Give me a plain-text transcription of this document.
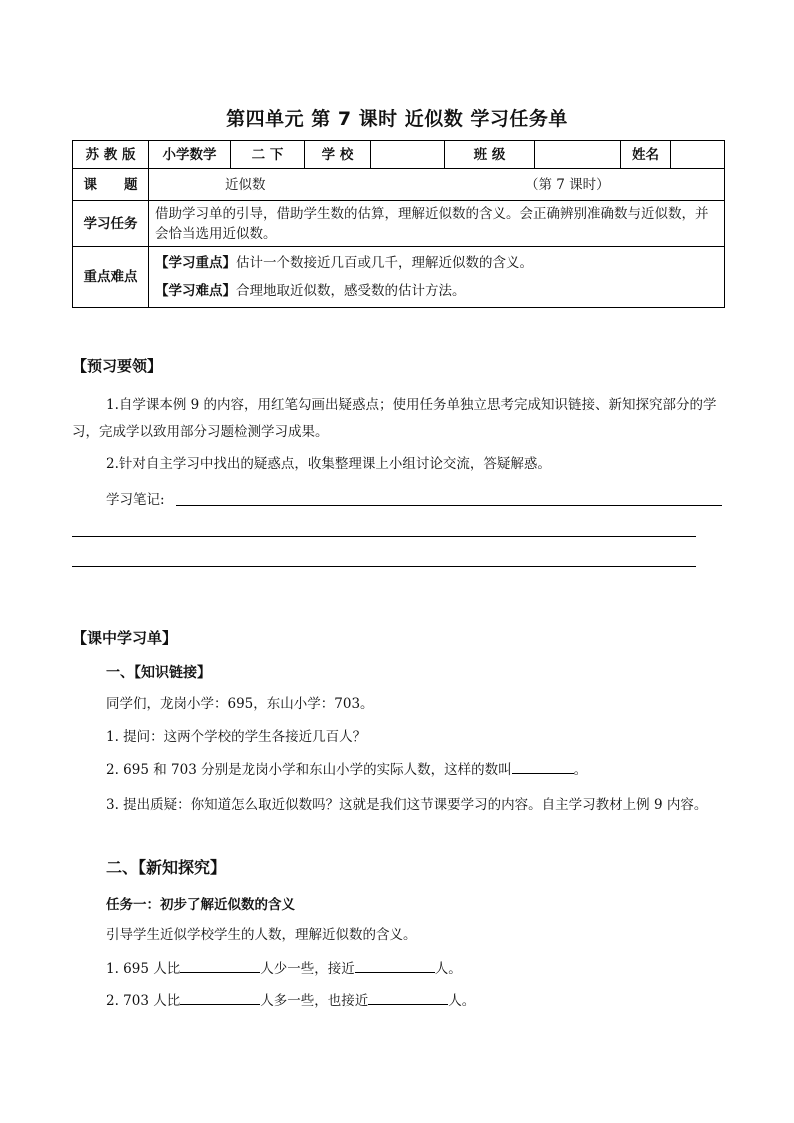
第四单元 第 7 课时 近似数 学习任务单
苏 教 版	小学数学	二 下	学 校		班 级		姓名	
课　　题	近似数 （第 7 课时）							
学习任务	借助学习单的引导，借助学生数的估算，理解近似数的含义。会正确辨别准确数与近似数，并会恰当选用近似数。							
重点难点	【学习重点】估计一个数接近几百或几千，理解近似数的含义。
【学习难点】合理地取近似数，感受数的估计方法。							
【预习要领】
1.自学课本例 9 的内容，用红笔勾画出疑惑点；使用任务单独立思考完成知识链接、新知探究部分的学习，完成学以致用部分习题检测学习成果。
2.针对自主学习中找出的疑惑点，收集整理课上小组讨论交流，答疑解惑。
学习笔记:
【课中学习单】
一、【知识链接】
同学们，龙岗小学：695，东山小学：703。
1. 提问：这两个学校的学生各接近几百人？
2. 695 和 703 分别是龙岗小学和东山小学的实际人数，这样的数叫	。
3. 提出质疑：你知道怎么取近似数吗？这就是我们这节课要学习的内容。自主学习教材上例 9 内容。
二、【新知探究】
任务一：初步了解近似数的含义
引导学生近似学校学生的人数，理解近似数的含义。
1. 695 人比	人少一些，接近	人。
2. 703 人比	人多一些，也接近	人。
